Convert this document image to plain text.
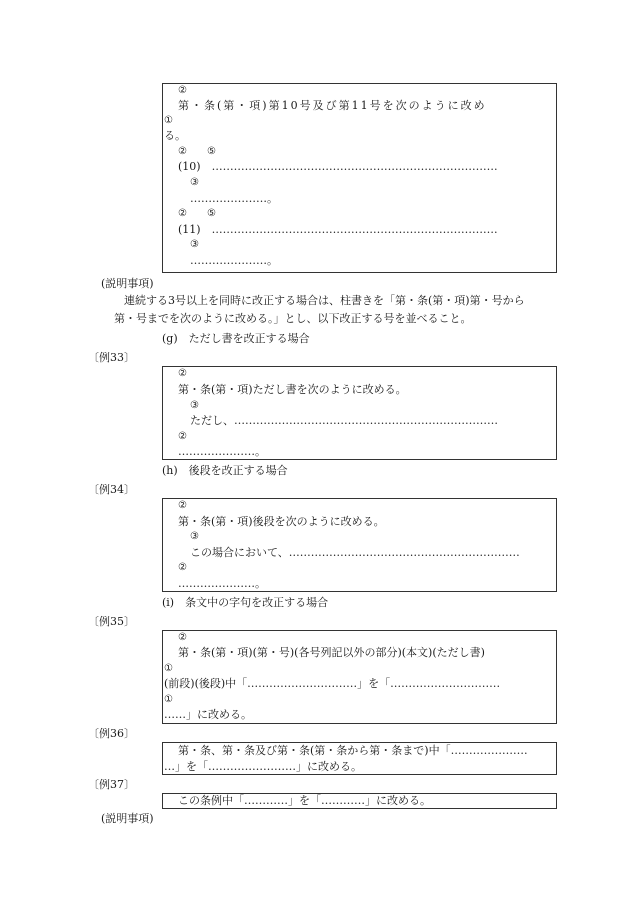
②
第・条(第・項)第10号及び第11号を次のように改め
①
る。
②　　⑤
(10)　……………………………………………………………………
③
…………………。
②　　⑤
(11)　……………………………………………………………………
③
…………………。
(説明事項)
連続する3号以上を同時に改正する場合は、柱書きを「第・条(第・項)第・号から
第・号までを次のように改める。」とし、以下改正する号を並べること。
(g)　ただし書を改正する場合
〔例33〕
②
第・条(第・項)ただし書を次のように改める。
③
ただし、………………………………………………………………
②
…………………。
(h)　後段を改正する場合
〔例34〕
②
第・条(第・項)後段を次のように改める。
③
この場合において、………………………………………………………
②
…………………。
(i)　条文中の字句を改正する場合
〔例35〕
②
第・条(第・項)(第・号)(各号列記以外の部分)(本文)(ただし書)
①
(前段)(後段)中「…………………………」を「…………………………
①
……」に改める。
〔例36〕
第・条、第・条及び第・条(第・条から第・条まで)中「…………………
…」を「……………………」に改める。
〔例37〕
この条例中「…………」を「…………」に改める。
(説明事項)
